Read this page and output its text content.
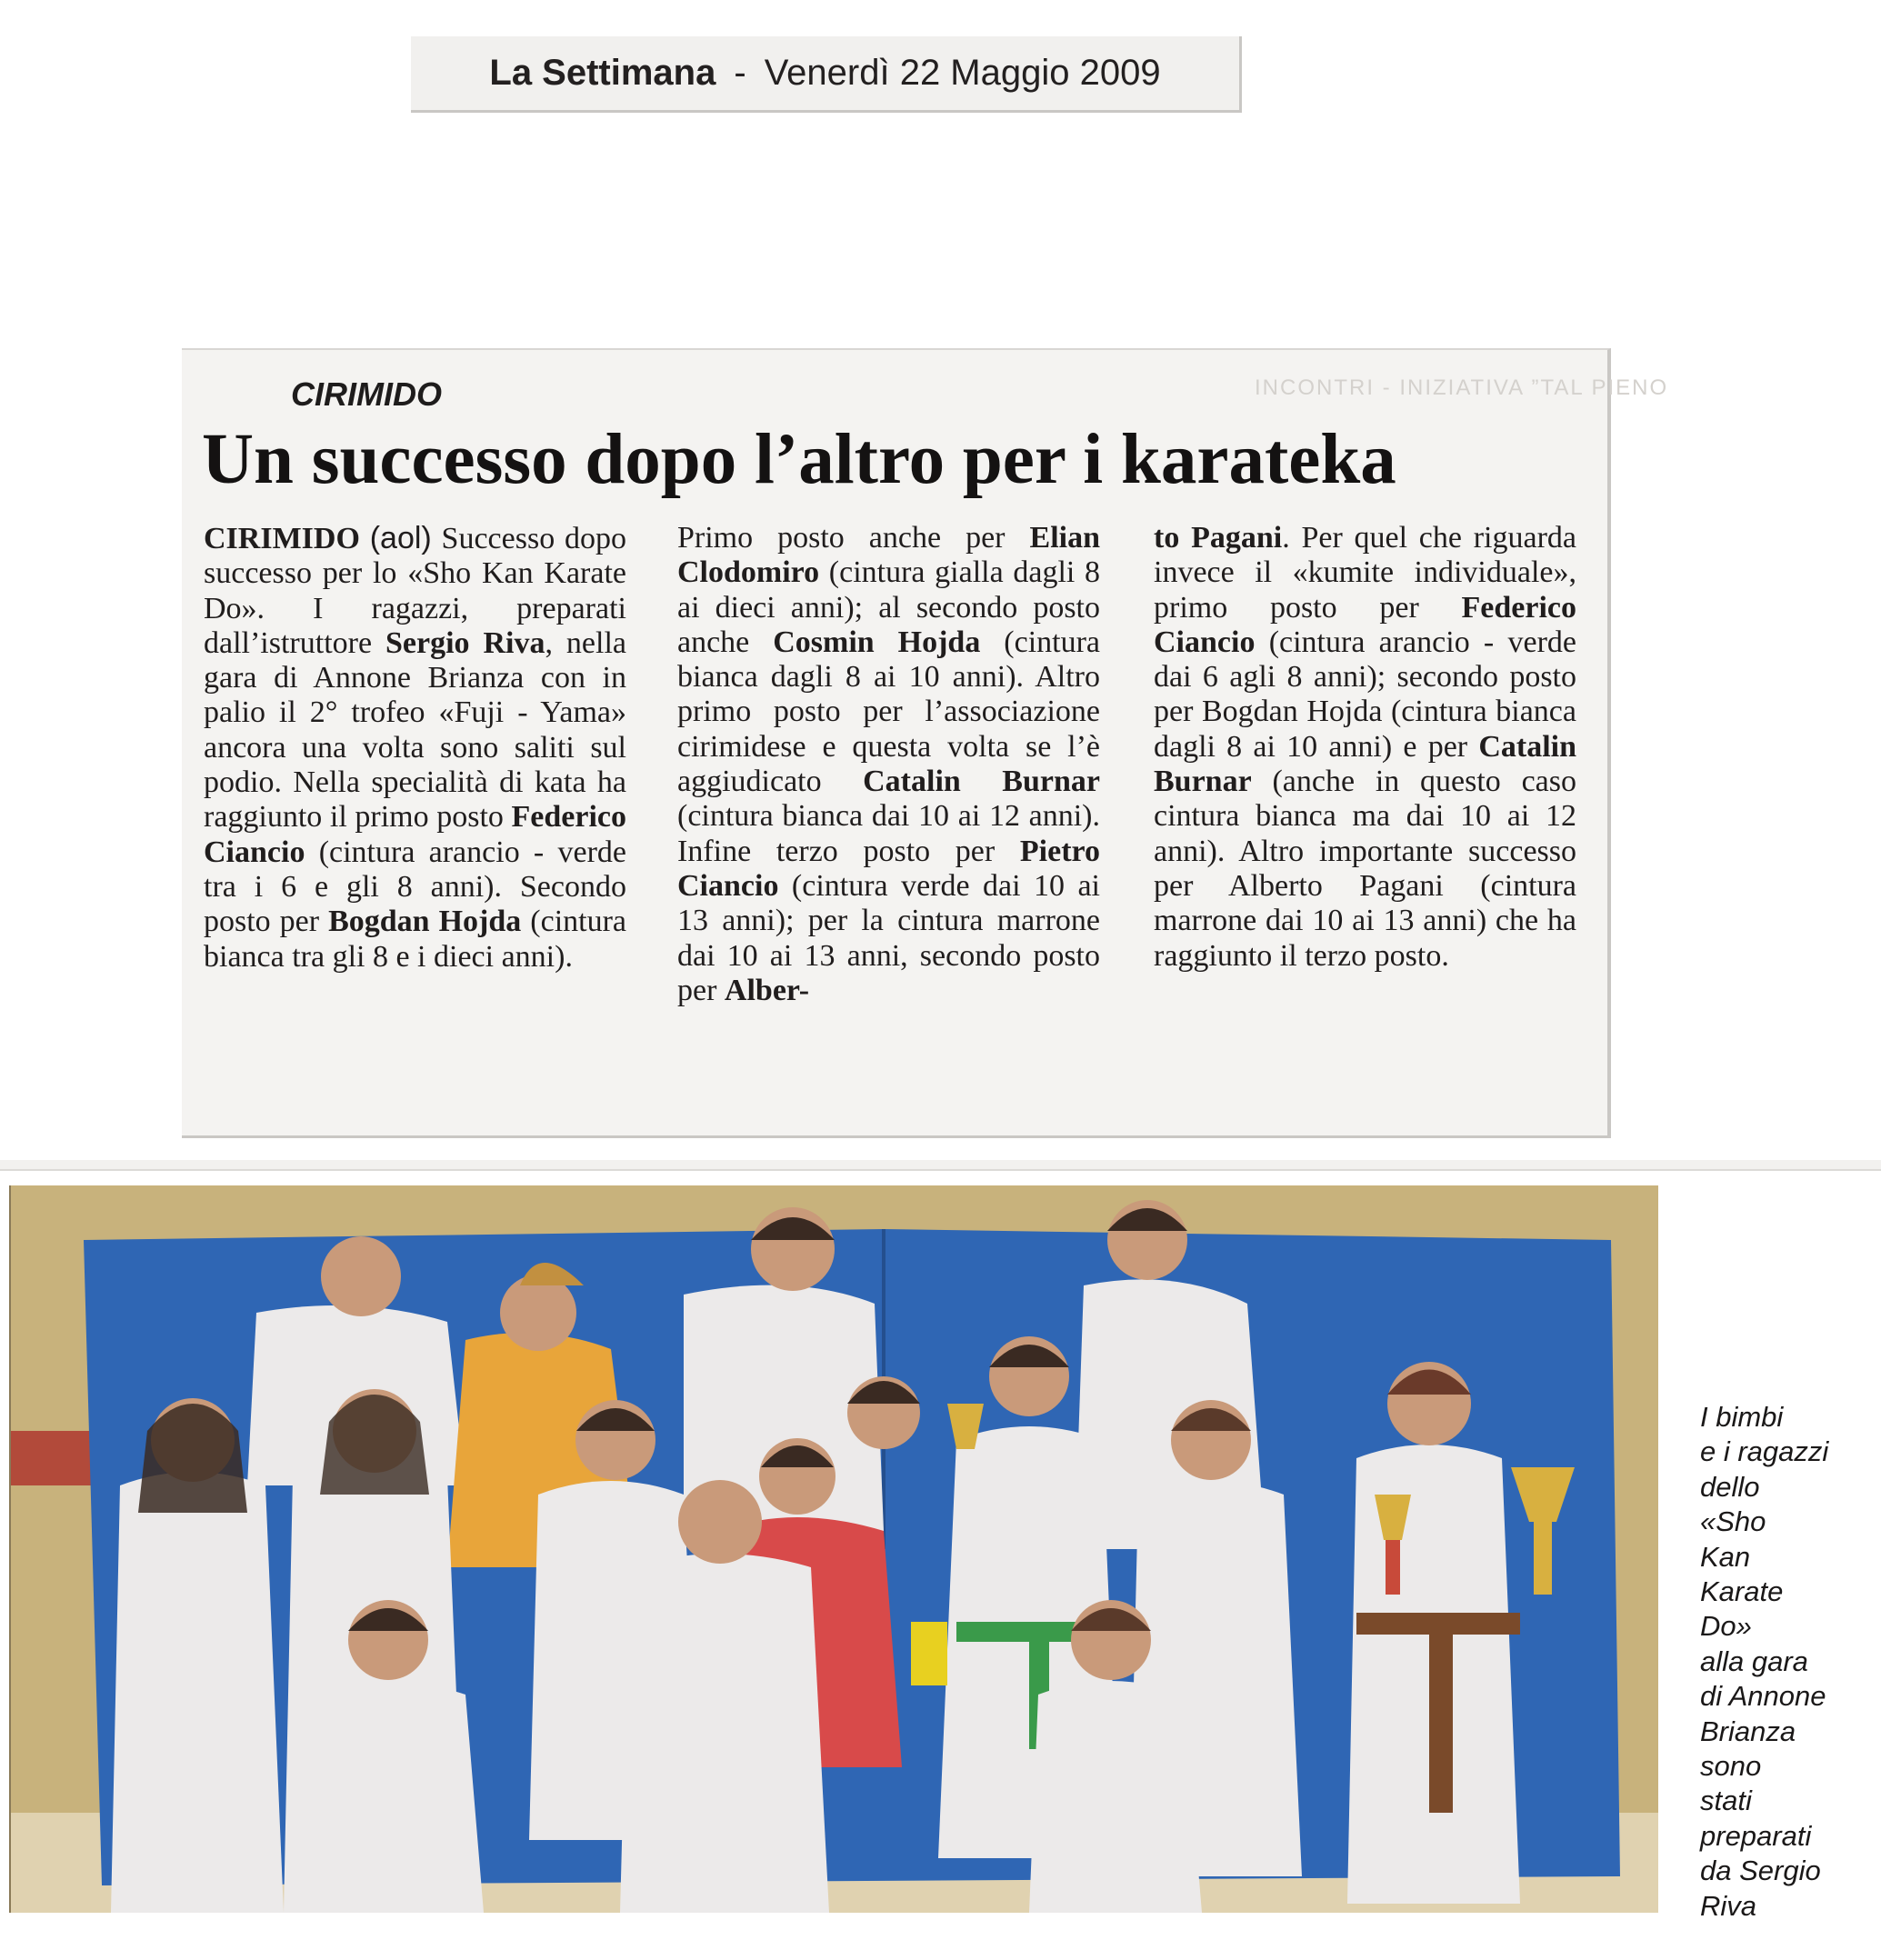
La Settimana - Venerdì 22 Maggio 2009
INCONTRI - INIZIATIVA ”TAL PIENO
CIRIMIDO
Un successo dopo l’altro per i karateka

CIRIMIDO (aol) Successo dopo successo per lo «Sho Kan Karate Do». I ragazzi, preparati dall’istruttore Sergio Riva, nella gara di Annone Brianza con in palio il 2° trofeo «Fuji - Yama» ancora una volta sono saliti sul podio. Nella specialità di kata ha raggiunto il primo posto Federico Ciancio (cintura arancio - verde tra i 6 e gli 8 anni). Secondo posto per Bogdan Hojda (cintura bianca tra gli 8 e i dieci anni).

Primo posto anche per Elian Clodomiro (cintura gialla dagli 8 ai dieci anni); al secondo posto anche Cosmin Hojda (cintura bianca dagli 8 ai 10 anni). Altro primo posto per l’associazione cirimidese e questa volta se l’è aggiudicato Catalin Burnar (cintura bianca dai 10 ai 12 anni). Infine terzo posto per Pietro Ciancio (cintura verde dai 10 ai 13 anni); per la cintura marrone dai 10 ai 13 anni, secondo posto per Alber-

to Pagani. Per quel che riguarda invece il «kumite individuale», primo posto per Federico Ciancio (cintura arancio - verde dai 6 agli 8 anni); secondo posto per Bogdan Hojda (cintura bianca dagli 8 ai 10 anni) e per Catalin Burnar (anche in questo caso cintura bianca ma dai 10 ai 12 anni). Altro importante successo per Alberto Pagani (cintura marrone dai 10 ai 13 anni) che ha raggiunto il terzo posto.

I bimbi
e i ragazzi
dello
«Sho
Kan
Karate
Do»
alla gara
di Annone
Brianza
sono
stati
preparati
da Sergio
Riva
